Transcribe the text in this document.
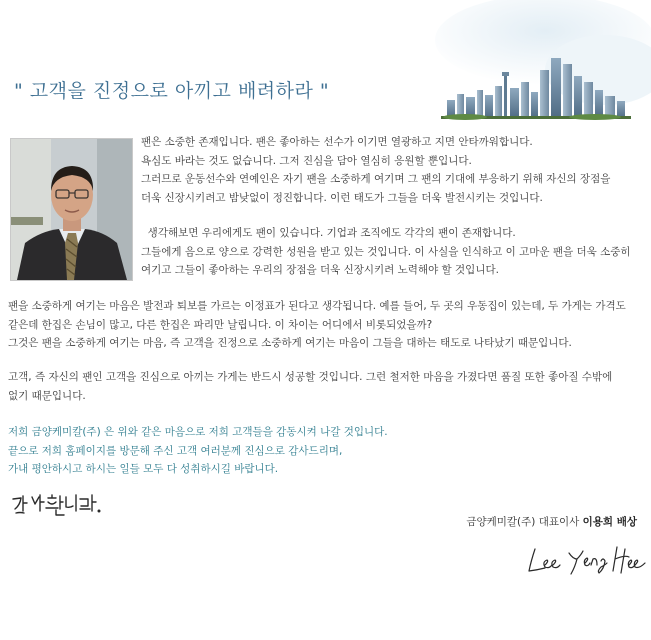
" 고객을 진정으로 아끼고 배려하라 "

팬은 소중한 존재입니다. 팬은 좋아하는 선수가 이기면 열광하고 지면 안타까워합니다.

욕심도 바라는 것도 없습니다. 그저 진심을 담아 열심히 응원할 뿐입니다.

그러므로 운동선수와 연예인은 자기 팬을 소중하게 여기며 그 팬의 기대에 부응하기 위해 자신의 장점을

더욱 신장시키려고 밤낮없이 정진합니다. 이런 태도가 그들을 더욱 발전시키는 것입니다.

생각해보면 우리에게도 팬이 있습니다. 기업과 조직에도 각각의 팬이 존재합니다.

그들에게 음으로 양으로 강력한 성원을 받고 있는 것입니다. 이 사실을 인식하고 이 고마운 팬을 더욱 소중히

여기고 그들이 좋아하는 우리의 장점을 더욱 신장시키려 노력해야 할 것입니다.

팬을 소중하게 여기는 마음은 발전과 퇴보를 가르는 이정표가 된다고 생각됩니다. 예를 들어, 두 곳의 우동집이 있는데, 두 가게는 가격도

같은데 한집은 손님이 많고, 다른 한집은 파리만 날립니다. 이 차이는 어디에서 비롯되었을까?

그것은 팬을 소중하게 여기는 마음, 즉 고객을 진정으로 소중하게 여기는 마음이 그들을 대하는 태도로 나타났기 때문입니다.

고객, 즉 자신의 팬인 고객을 진심으로 아끼는 가게는 반드시 성공할 것입니다. 그런 철저한 마음을 가졌다면 품질 또한 좋아질 수밖에

없기 때문입니다.

저희 금양케미칼(주) 은 위와 같은 마음으로 저희 고객들을 감동시켜 나갈 것입니다.

끝으로 저희 홈페이지를 방문해 주신 고객 여러분께 진심으로 감사드리며,

가내 평안하시고 하시는 일들 모두 다 성취하시길 바랍니다.

금양케미칼(주) 대표이사 이용희 배상
